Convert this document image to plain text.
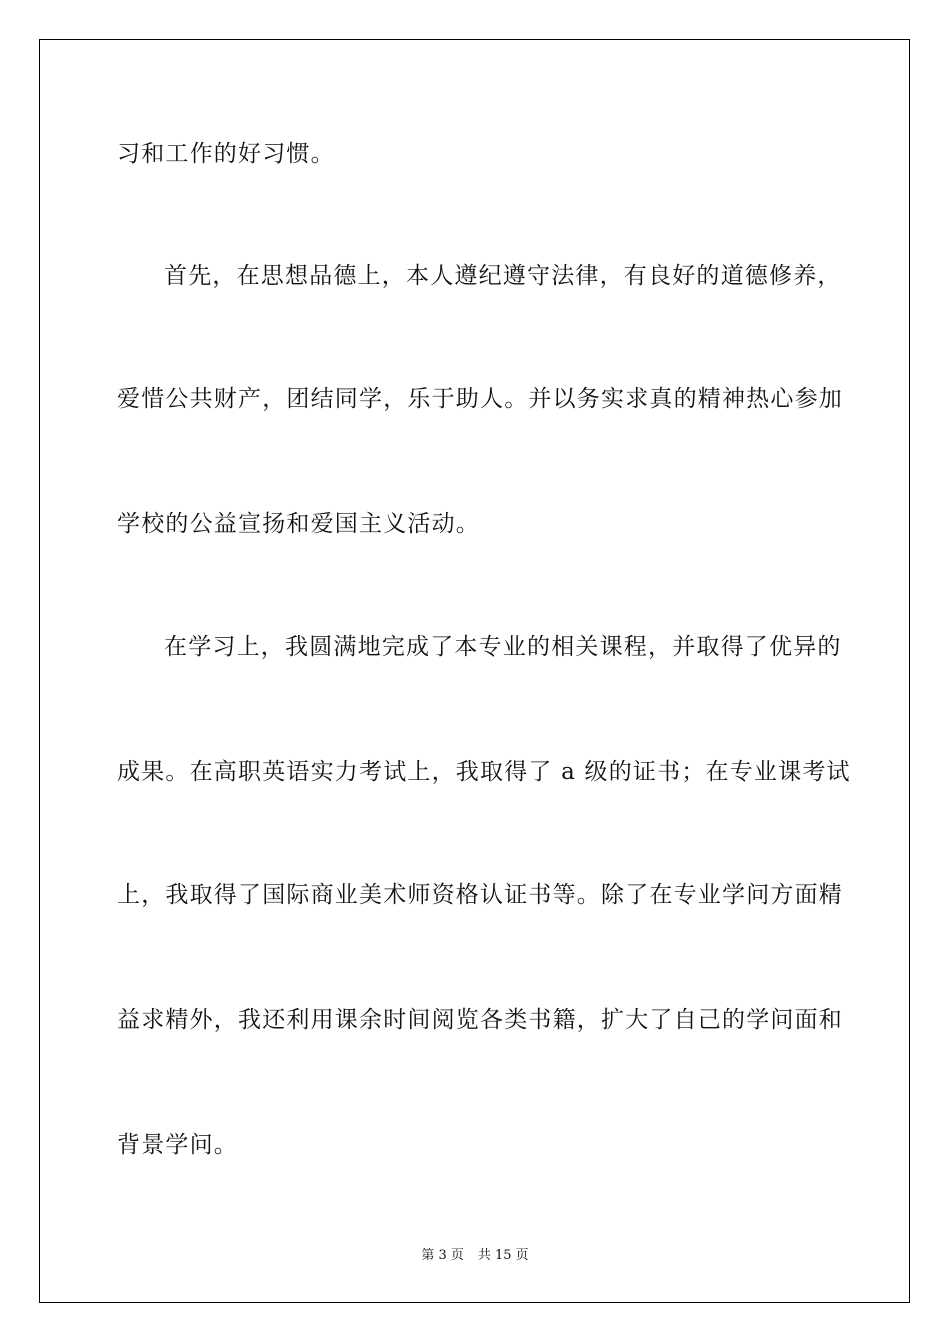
习和工作的好习惯。
首先，在思想品德上，本人遵纪遵守法律，有良好的道德修养，
爱惜公共财产，团结同学，乐于助人。并以务实求真的精神热心参加
学校的公益宣扬和爱国主义活动。
在学习上，我圆满地完成了本专业的相关课程，并取得了优异的
成果。在高职英语实力考试上，我取得了 a 级的证书；在专业课考试
上，我取得了国际商业美术师资格认证书等。除了在专业学问方面精
益求精外，我还利用课余时间阅览各类书籍，扩大了自己的学问面和
背景学问。
第 3 页 共 15 页
